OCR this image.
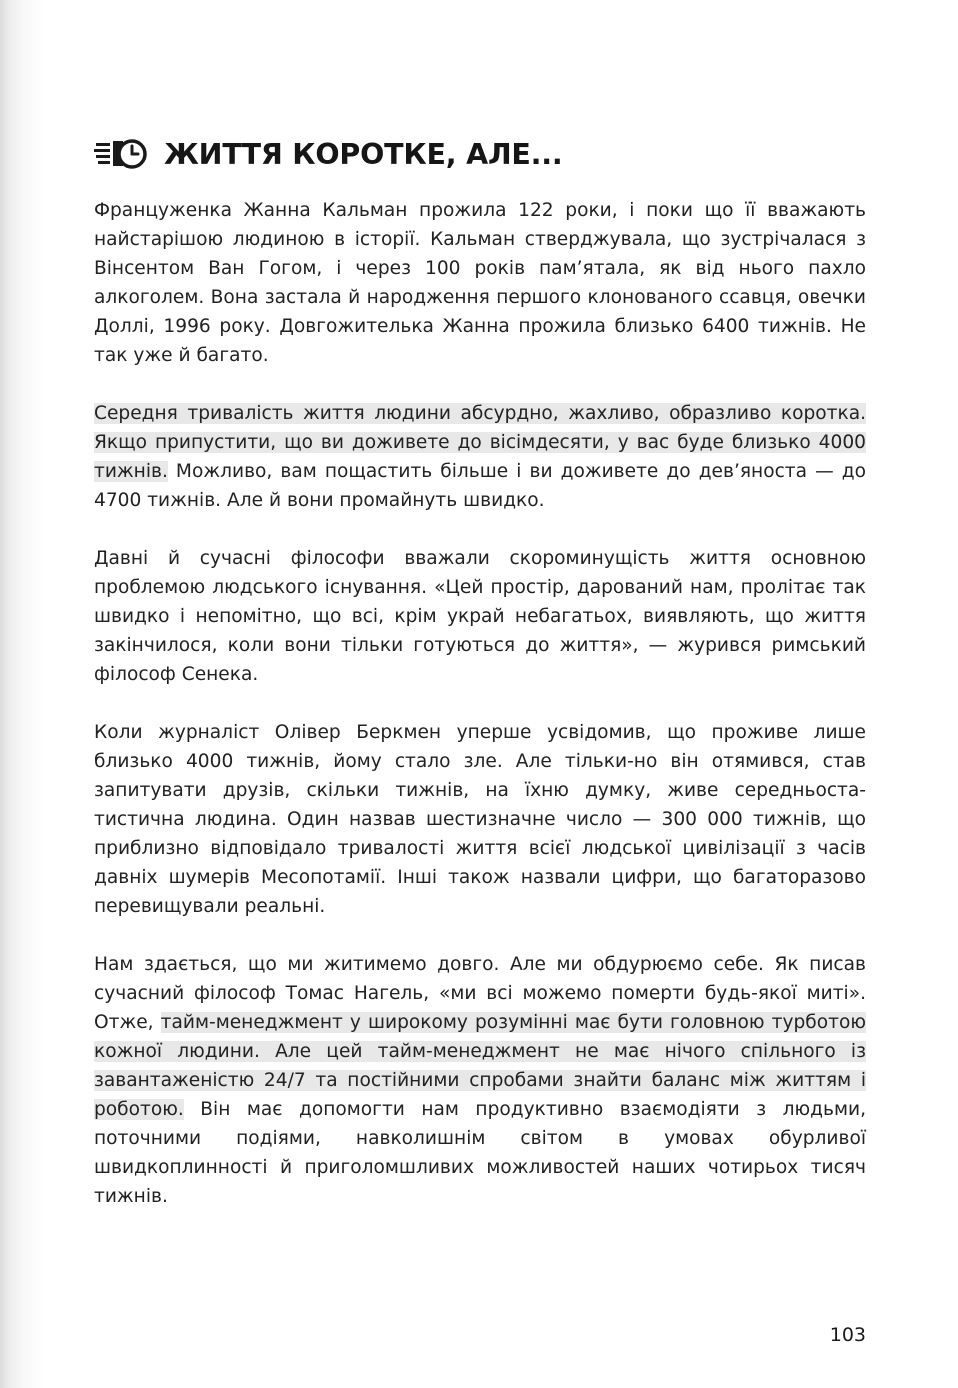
ЖИТТЯ КОРОТКЕ, АЛЕ...

Француженка Жанна Кальман прожила 122 роки, і поки що її вважають найстарішою людиною в історії. Кальман стверджувала, що зустрічалася з Вінсентом Ван Гогом, і через 100 років пам’ятала, як від нього пахло алкоголем. Вона застала й народження першого клонованого ссавця, овечки Доллі, 1996 року. Довгожителька Жанна прожила близько 6400 тижнів. Не так уже й багато.

Середня тривалість життя людини абсурдно, жахливо, образливо коротка. Якщо припустити, що ви доживете до вісімдесяти, у вас буде близько 4000 тижнів. Можливо, вам пощастить більше і ви доживете до дев’яноста — до 4700 тижнів. Але й вони промайнуть швидко.

Давні й сучасні філософи вважали скороминущість життя основною проблемою людського існування. «Цей простір, дарований нам, пролітає так швидко і непомітно, що всі, крім украй небагатьох, виявляють, що життя закінчилося, коли вони тільки готуються до життя», — журився римський філософ Сенека.

Коли журналіст Олівер Беркмен уперше усвідомив, що проживе лише близько 4000 тижнів, йому стало зле. Але тільки-но він отямився, став запитувати друзів, скільки тижнів, на їхню думку, живе середньостатистична людина. Один назвав шестизначне число — 300 000 тижнів, що приблизно відповідало тривалості життя всієї людської цивілізації з часів давніх шумерів Месопотамії. Інші також назвали цифри, що багаторазово перевищували реальні.

Нам здається, що ми житимемо довго. Але ми обдурюємо себе. Як писав сучасний філософ Томас Нагель, «ми всі можемо померти будь-якої миті». Отже, тайм-менеджмент у широкому розумінні має бути головною турботою кожної людини. Але цей тайм-менеджмент не має нічого спільного із завантаженістю 24/7 та постійними спробами знайти баланс між життям і роботою. Він має допомогти нам продуктивно взаємодіяти з людьми, поточними подіями, навколишнім світом в умовах обурливої швидкоплинності й приголомшливих можливостей наших чотирьох тисяч тижнів.

103
